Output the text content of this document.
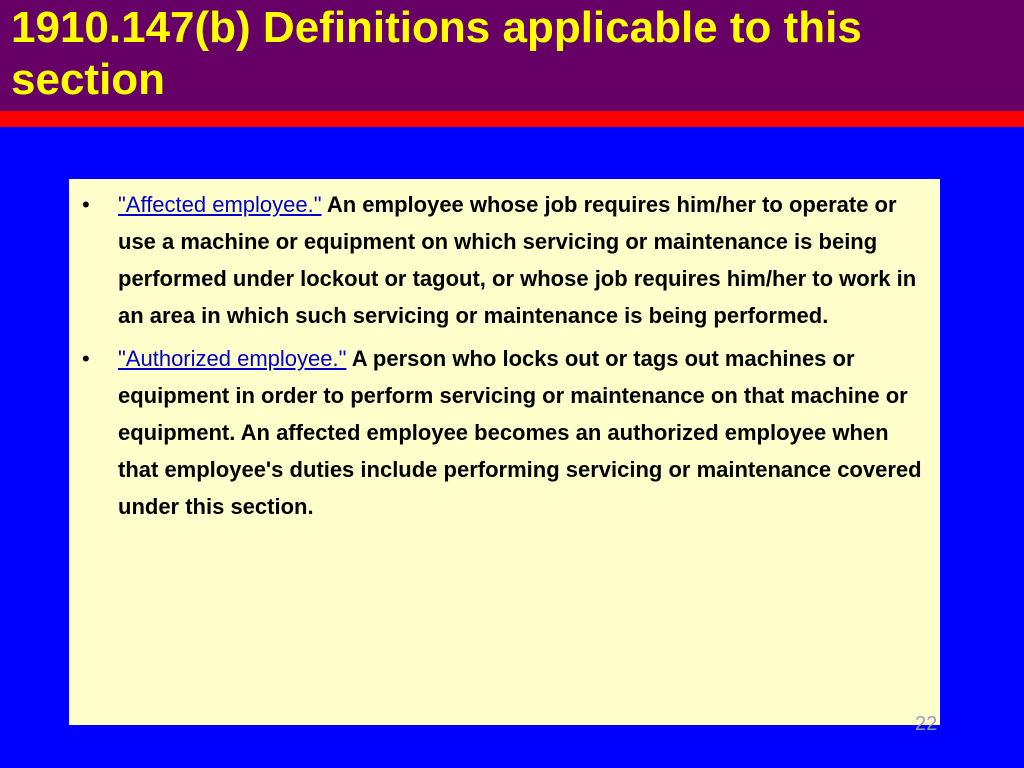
1910.147(b) Definitions applicable to this section
• "Affected employee." An employee whose job requires him/her to operate or use a machine or equipment on which servicing or maintenance is being performed under lockout or tagout, or whose job requires him/her to work in an area in which such servicing or maintenance is being performed.
• "Authorized employee." A person who locks out or tags out machines or equipment in order to perform servicing or maintenance on that machine or equipment. An affected employee becomes an authorized employee when that employee's duties include performing servicing or maintenance covered under this section.
22
